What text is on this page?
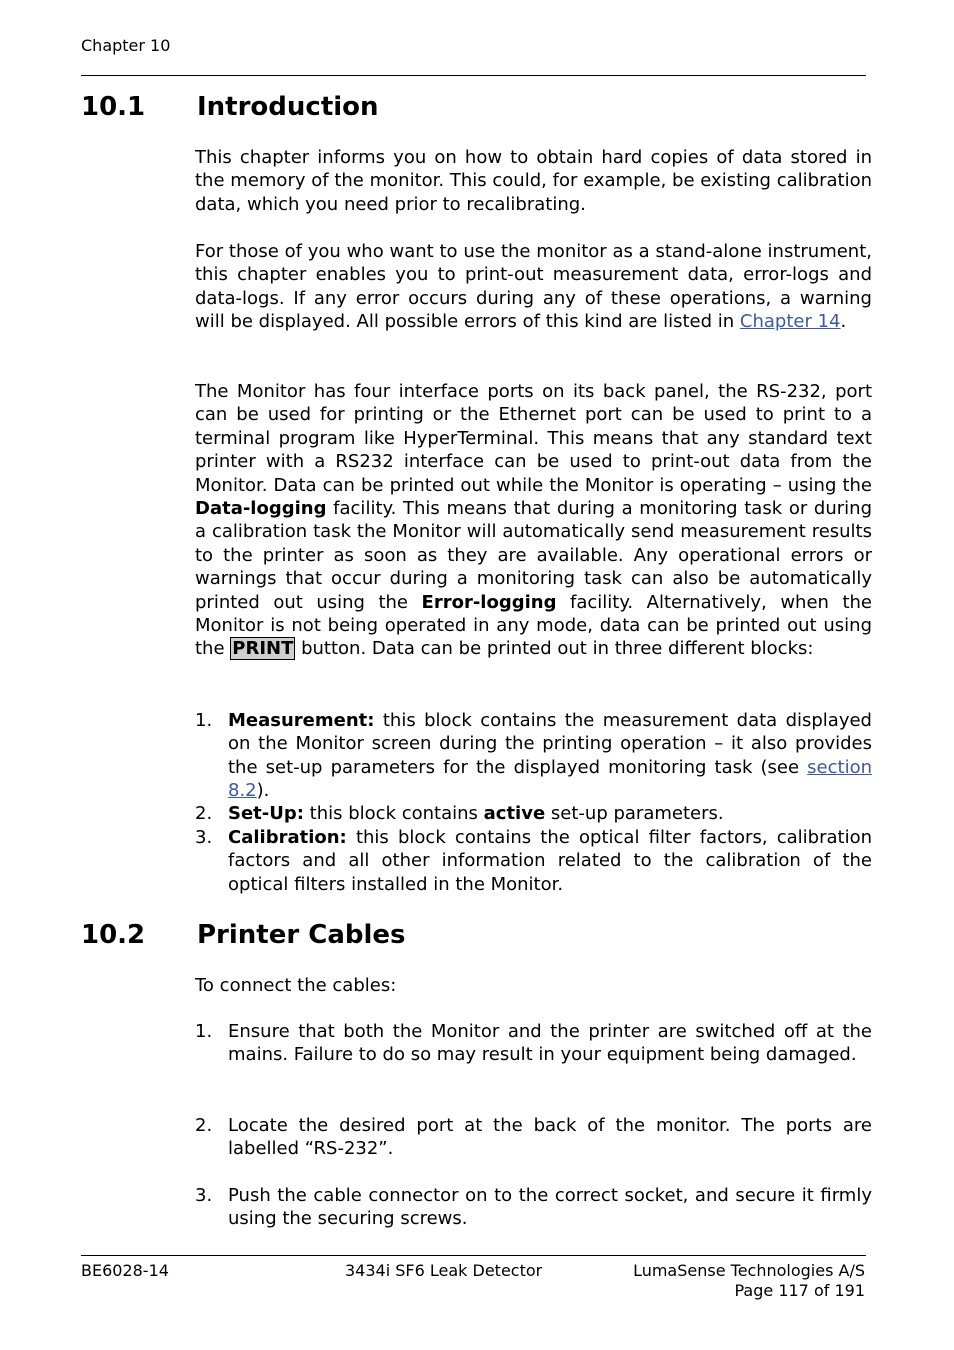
Chapter 10
10.1 Introduction

This chapter informs you on how to obtain hard copies of data stored in the memory of the monitor. This could, for example, be existing calibration data, which you need prior to recalibrating.

For those of you who want to use the monitor as a stand-alone instrument, this chapter enables you to print-out measurement data, error-logs and data-logs. If any error occurs during any of these operations, a warning will be displayed. All possible errors of this kind are listed in Chapter 14.

The Monitor has four interface ports on its back panel, the RS-232, port can be used for printing or the Ethernet port can be used to print to a terminal program like HyperTerminal. This means that any standard text printer with a RS232 interface can be used to print-out data from the Monitor. Data can be printed out while the Monitor is operating – using the Data-logging facility. This means that during a monitoring task or during a calibration task the Monitor will automatically send measurement results to the printer as soon as they are available. Any operational errors or warnings that occur during a monitoring task can also be automatically printed out using the Error-logging facility. Alternatively, when the Monitor is not being operated in any mode, data can be printed out using the PRINT button. Data can be printed out in three different blocks:

1. Measurement: this block contains the measurement data displayed on the Monitor screen during the printing operation – it also provides the set-up parameters for the displayed monitoring task (see section 8.2).
2. Set-Up: this block contains active set-up parameters.
3. Calibration: this block contains the optical filter factors, calibration factors and all other information related to the calibration of the optical filters installed in the Monitor.
10.2 Printer Cables

To connect the cables:

1. Ensure that both the Monitor and the printer are switched off at the mains. Failure to do so may result in your equipment being damaged.
2. Locate the desired port at the back of the monitor. The ports are labelled “RS-232”.
3. Push the cable connector on to the correct socket, and secure it firmly using the securing screws.
BE6028-14	3434i SF6 Leak Detector	LumaSense Technologies A/S
Page 117 of 191
